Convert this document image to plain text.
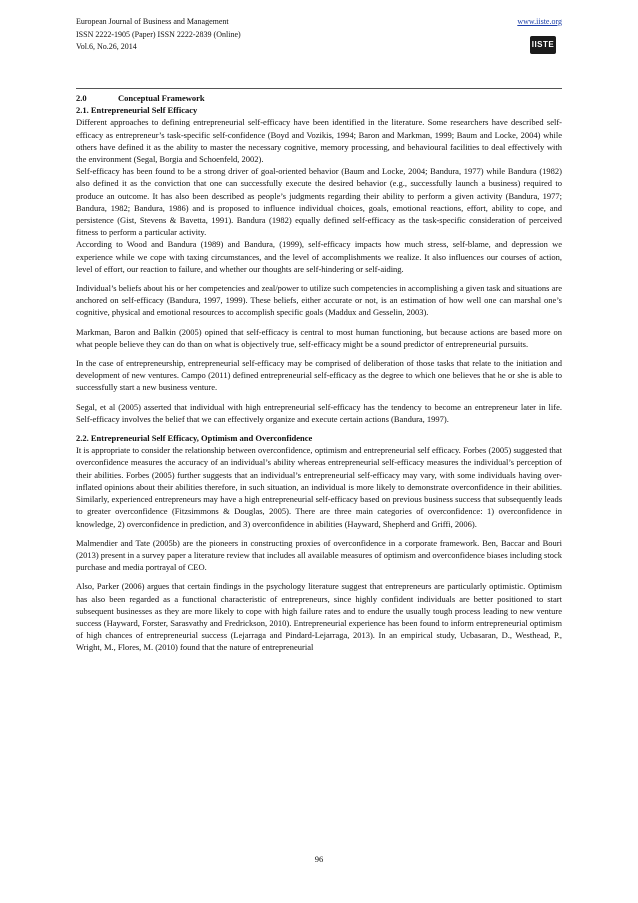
European Journal of Business and Management
ISSN 2222-1905 (Paper) ISSN 2222-2839 (Online)
Vol.6, No.26, 2014
www.iiste.org
IISTE
2.0	Conceptual Framework
2.1. Entrepreneurial Self Efficacy

Different approaches to defining entrepreneurial self-efficacy have been identified in the literature. Some researchers have described self-efficacy as entrepreneur’s task-specific self-confidence (Boyd and Vozikis, 1994; Baron and Markman, 1999; Baum and Locke, 2004) while others have defined it as the ability to master the necessary cognitive, memory processing, and behavioural facilities to deal effectively with the environment (Segal, Borgia and Schoenfeld, 2002).

Self-efficacy has been found to be a strong driver of goal-oriented behavior (Baum and Locke, 2004; Bandura, 1977) while Bandura (1982) also defined it as the conviction that one can successfully execute the desired behavior (e.g., successfully launch a business) required to produce an outcome. It has also been described as people’s judgments regarding their ability to perform a given activity (Bandura, 1977; Bandura, 1982; Bandura, 1986) and is proposed to influence individual choices, goals, emotional reactions, effort, ability to cope, and persistence (Gist, Stevens & Bavetta, 1991). Bandura (1982) equally defined self-efficacy as the task-specific consideration of perceived fitness to perform a particular activity.

According to Wood and Bandura (1989) and Bandura, (1999), self-efficacy impacts how much stress, self-blame, and depression we experience while we cope with taxing circumstances, and the level of accomplishments we realize. It also influences our courses of action, level of effort, our reaction to failure, and whether our thoughts are self-hindering or self-aiding.

Individual’s beliefs about his or her competencies and zeal/power to utilize such competencies in accomplishing a given task and situations are anchored on self-efficacy (Bandura, 1997, 1999). These beliefs, either accurate or not, is an estimation of how well one can marshal one’s cognitive, physical and emotional resources to accomplish specific goals (Maddux and Gesselin, 2003).

Markman, Baron and Balkin (2005) opined that self-efficacy is central to most human functioning, but because actions are based more on what people believe they can do than on what is objectively true, self-efficacy might be a sound predictor of entrepreneurial pursuits.

In the case of entrepreneurship, entrepreneurial self-efficacy may be comprised of deliberation of those tasks that relate to the initiation and development of new ventures. Campo (2011) defined entrepreneurial self-efficacy as the degree to which one believes that he or she is able to successfully start a new business venture.

Segal, et al (2005) asserted that individual with high entrepreneurial self-efficacy has the tendency to become an entrepreneur later in life. Self-efficacy involves the belief that we can effectively organize and execute certain actions (Bandura, 1997).

2.2. Entrepreneurial Self Efficacy, Optimism and Overconfidence

It is appropriate to consider the relationship between overconfidence, optimism and entrepreneurial self efficacy. Forbes (2005) suggested that overconfidence measures the accuracy of an individual’s ability whereas entrepreneurial self-efficacy measures the individual’s perception of their abilities. Forbes (2005) further suggests that an individual’s entrepreneurial self-efficacy may vary, with some individuals having over-inflated opinions about their abilities therefore, in such situation, an individual is more likely to demonstrate overconfidence in their abilities. Similarly, experienced entrepreneurs may have a high entrepreneurial self-efficacy based on previous business success that subsequently leads to greater overconfidence (Fitzsimmons & Douglas, 2005). There are three main categories of overconfidence: 1) overconfidence in knowledge, 2) overconfidence in prediction, and 3) overconfidence in abilities (Hayward, Shepherd and Griffi, 2006).

Malmendier and Tate (2005b) are the pioneers in constructing proxies of overconfidence in a corporate framework. Ben, Baccar and Bouri (2013) present in a survey paper a literature review that includes all available measures of optimism and overconfidence biases including stock purchase and media portrayal of CEO.

Also, Parker (2006) argues that certain findings in the psychology literature suggest that entrepreneurs are particularly optimistic. Optimism has also been regarded as a functional characteristic of entrepreneurs, since highly confident individuals are better positioned to start subsequent businesses as they are more likely to cope with high failure rates and to endure the usually tough process leading to new venture success (Hayward, Forster, Sarasvathy and Fredrickson, 2010). Entrepreneurial experience has been found to inform entrepreneurial optimism of high chances of entrepreneurial success (Lejarraga and Pindard-Lejarraga, 2013). In an empirical study, Ucbasaran, D., Westhead, P., Wright, M., Flores, M. (2010) found that the nature of entrepreneurial

96
